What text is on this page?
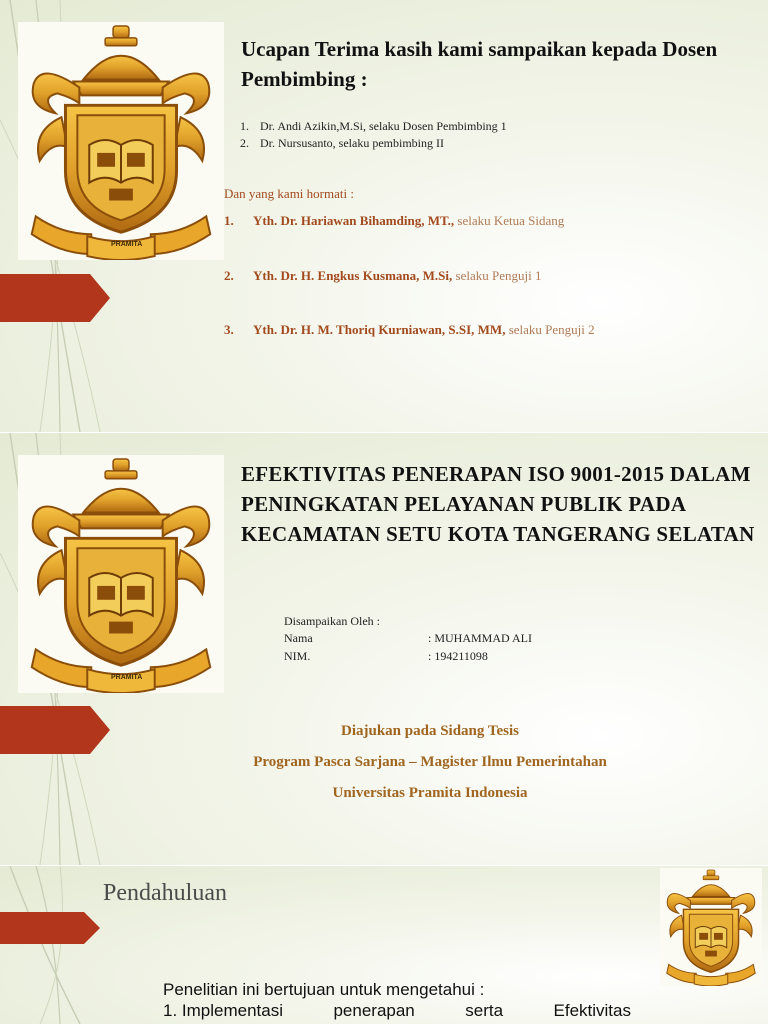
PRAMITA
Ucapan Terima kasih kami sampaikan kepada Dosen Pembimbing :
1. Dr. Andi Azikin,M.Si, selaku Dosen Pembimbing 1
2. Dr. Nursusanto, selaku pembimbing II
Dan yang kami hormati :
1. Yth. Dr. Hariawan Bihamding, MT., selaku Ketua Sidang
2. Yth. Dr. H. Engkus Kusmana, M.Si, selaku Penguji 1
3. Yth. Dr. H. M. Thoriq Kurniawan, S.SI, MM, selaku Penguji 2
PRAMITA
EFEKTIVITAS PENERAPAN ISO 9001-2015 DALAM PENINGKATAN PELAYANAN PUBLIK PADA KECAMATAN SETU KOTA TANGERANG SELATAN
Disampaikan Oleh :
Nama	: MUHAMMAD ALI
NIM.	: 194211098
Diajukan pada Sidang Tesis
Program Pasca Sarjana – Magister Ilmu Pemerintahan
Universitas Pramita Indonesia
Pendahuluan
Penelitian ini bertujuan untuk mengetahui :
1. Implementasi	penerapan	serta	Efektivitas
